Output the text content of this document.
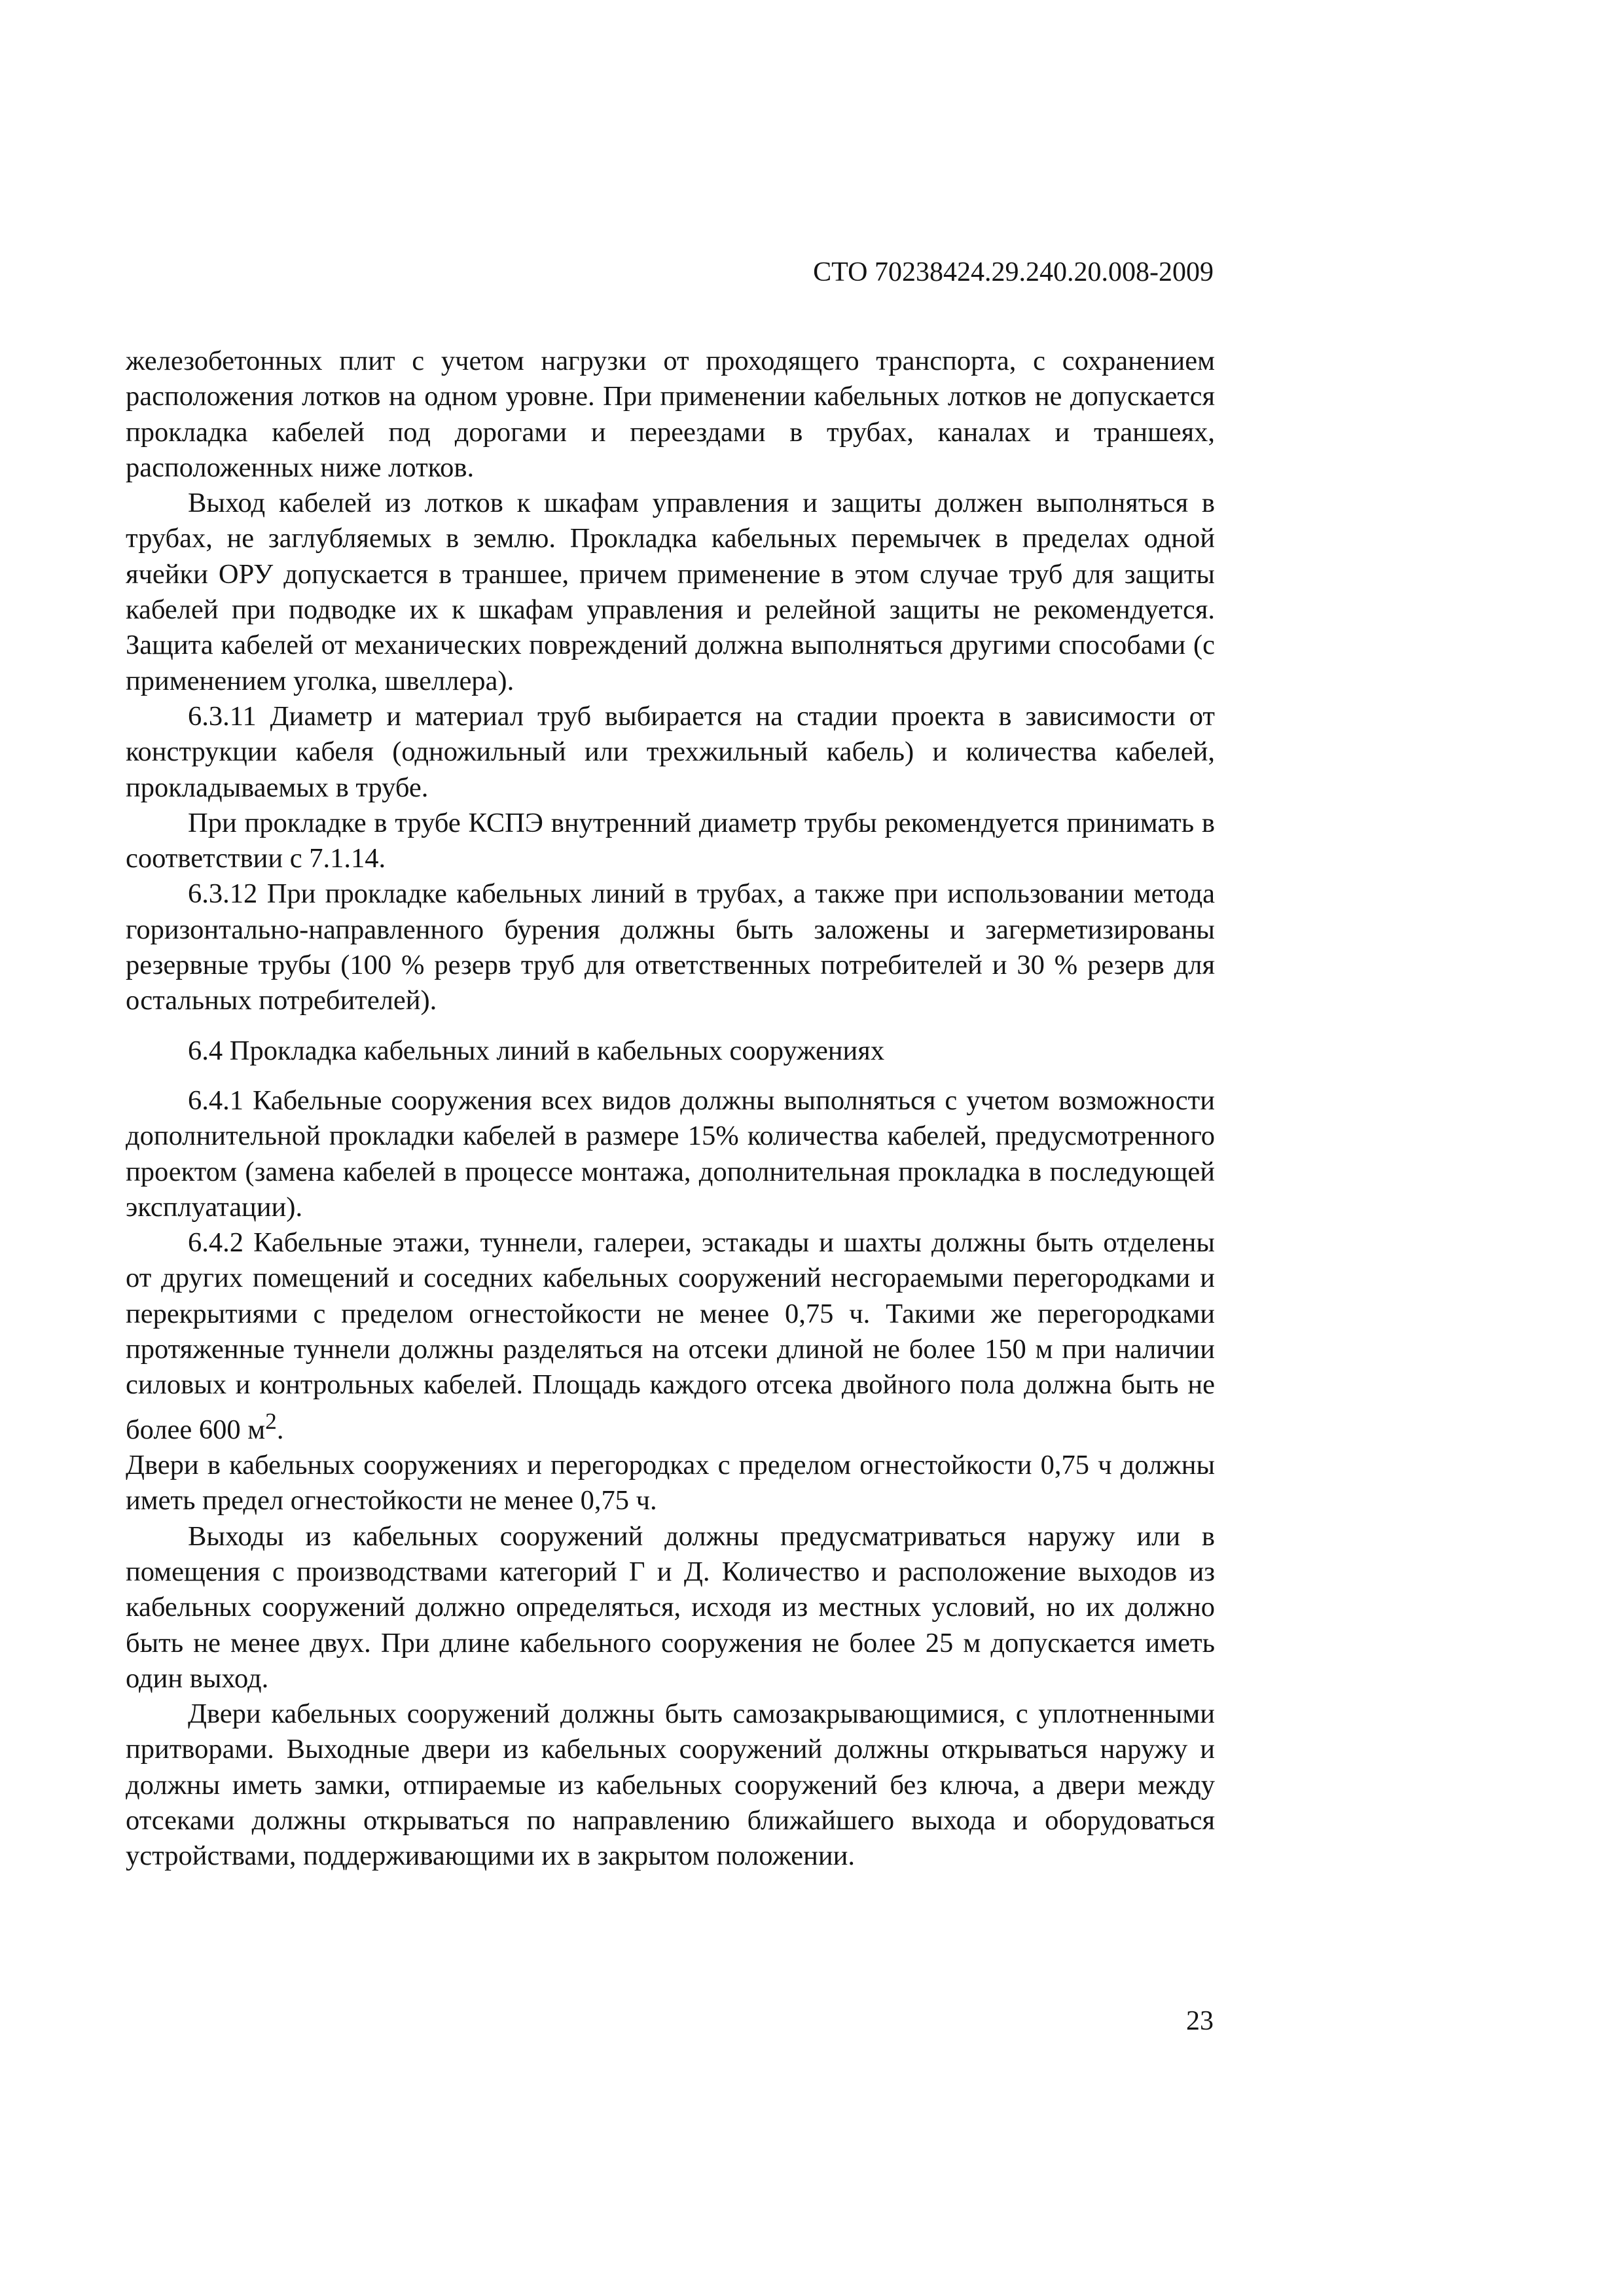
СТО 70238424.29.240.20.008-2009

железобетонных плит с учетом нагрузки от проходящего транспорта, с сохранением расположения лотков на одном уровне. При применении кабельных лотков не допускается прокладка кабелей под дорогами и переездами в трубах, каналах и траншеях, расположенных ниже лотков.

Выход кабелей из лотков к шкафам управления и защиты должен выполняться в трубах, не заглубляемых в землю. Прокладка кабельных перемычек в пределах одной ячейки ОРУ допускается в траншее, причем применение в этом случае труб для защиты кабелей при подводке их к шкафам управления и релейной защиты не рекомендуется. Защита кабелей от механических повреждений должна выполняться другими способами (с применением уголка, швеллера).

6.3.11 Диаметр и материал труб выбирается на стадии проекта в зависимости от конструкции кабеля (одножильный или трехжильный кабель) и количества кабелей, прокладываемых в трубе.

При прокладке в трубе КСПЭ внутренний диаметр трубы рекомендуется принимать в соответствии с 7.1.14.

6.3.12 При прокладке кабельных линий в трубах, а также при использовании метода горизонтально-направленного бурения должны быть заложены и загерметизированы резервные трубы (100 % резерв труб для ответственных потребителей и 30 % резерв для остальных потребителей).

6.4 Прокладка кабельных линий в кабельных сооружениях

6.4.1 Кабельные сооружения всех видов должны выполняться с учетом возможности дополнительной прокладки кабелей в размере 15% количества кабелей, предусмотренного проектом (замена кабелей в процессе монтажа, дополнительная прокладка в последующей эксплуатации).

6.4.2 Кабельные этажи, туннели, галереи, эстакады и шахты должны быть отделены от других помещений и соседних кабельных сооружений несгораемыми перегородками и перекрытиями с пределом огнестойкости не менее 0,75 ч. Такими же перегородками протяженные туннели должны разделяться на отсеки длиной не более 150 м при наличии силовых и контрольных кабелей. Площадь каждого отсека двойного пола должна быть не более 600 $м^2$.

Двери в кабельных сооружениях и перегородках с пределом огнестойкости 0,75 ч должны иметь предел огнестойкости не менее 0,75 ч.

Выходы из кабельных сооружений должны предусматриваться наружу или в помещения с производствами категорий Г и Д. Количество и расположение выходов из кабельных сооружений должно определяться, исходя из местных условий, но их должно быть не менее двух. При длине кабельного сооружения не более 25 м допускается иметь один выход.

Двери кабельных сооружений должны быть самозакрывающимися, с уплотненными притворами. Выходные двери из кабельных сооружений должны открываться наружу и должны иметь замки, отпираемые из кабельных сооружений без ключа, а двери между отсеками должны открываться по направлению ближайшего выхода и оборудоваться устройствами, поддерживающими их в закрытом положении.

23
